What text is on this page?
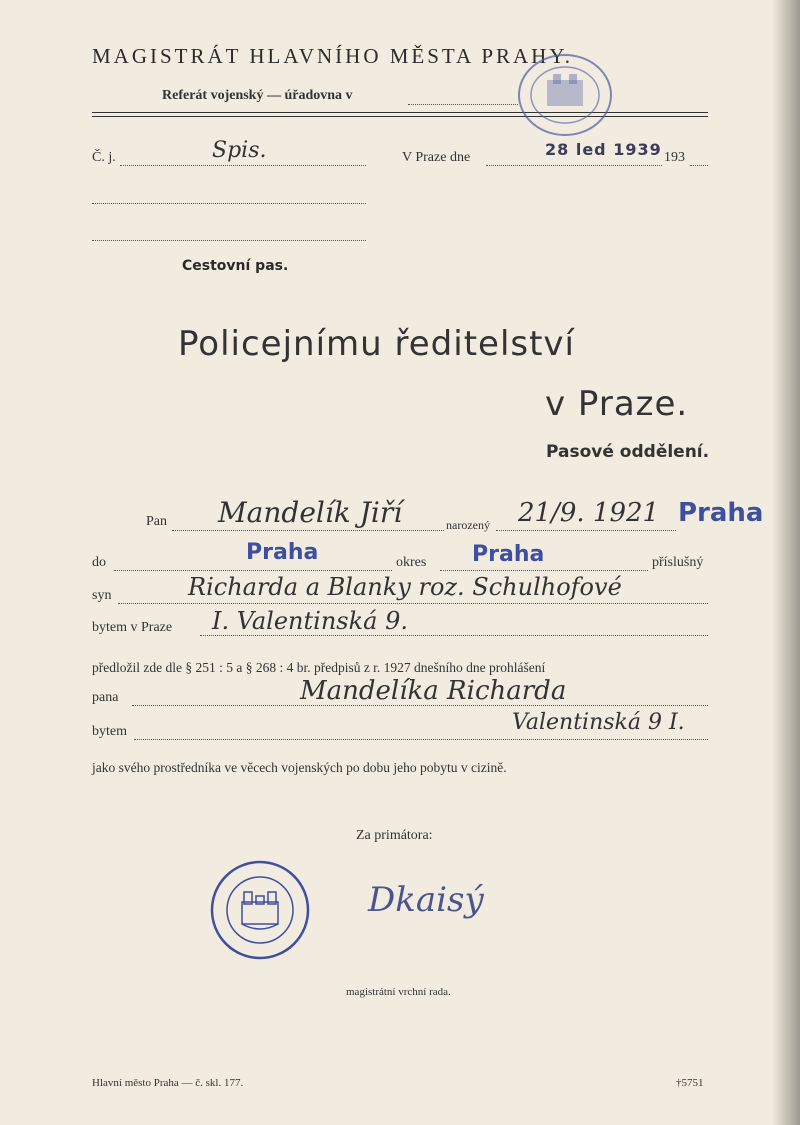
MAGISTRÁT HLAVNÍHO MĚSTA PRAHY.
Referát vojenský — úřadovna v
Č. j.	Spis.	V Praze dne	28 led 1939 193
Cestovní pas.
Policejnímu ředitelství
v Praze.
Pasové oddělení.
Pan Mandelík Jiří	narozený 21/9. 1921 Praha
do	Praha	okres Praha	příslušný
syn	Richarda a Blanky roz. Schulhofové
bytem v Praze I. Valentinská 9.
předložil zde dle § 251 : 5 a § 268 : 4 br. předpisů z r. 1927 dnešního dne prohlášení
pana	Mandelíka Richarda
bytem	Valentinská 9 I.
jako svého prostředníka ve věcech vojenských po dobu jeho pobytu v cizině.
Za primátora:
Dkaisý
magistrátní vrchní rada.
Hlavní město Praha — č. skl. 177.	†5751
